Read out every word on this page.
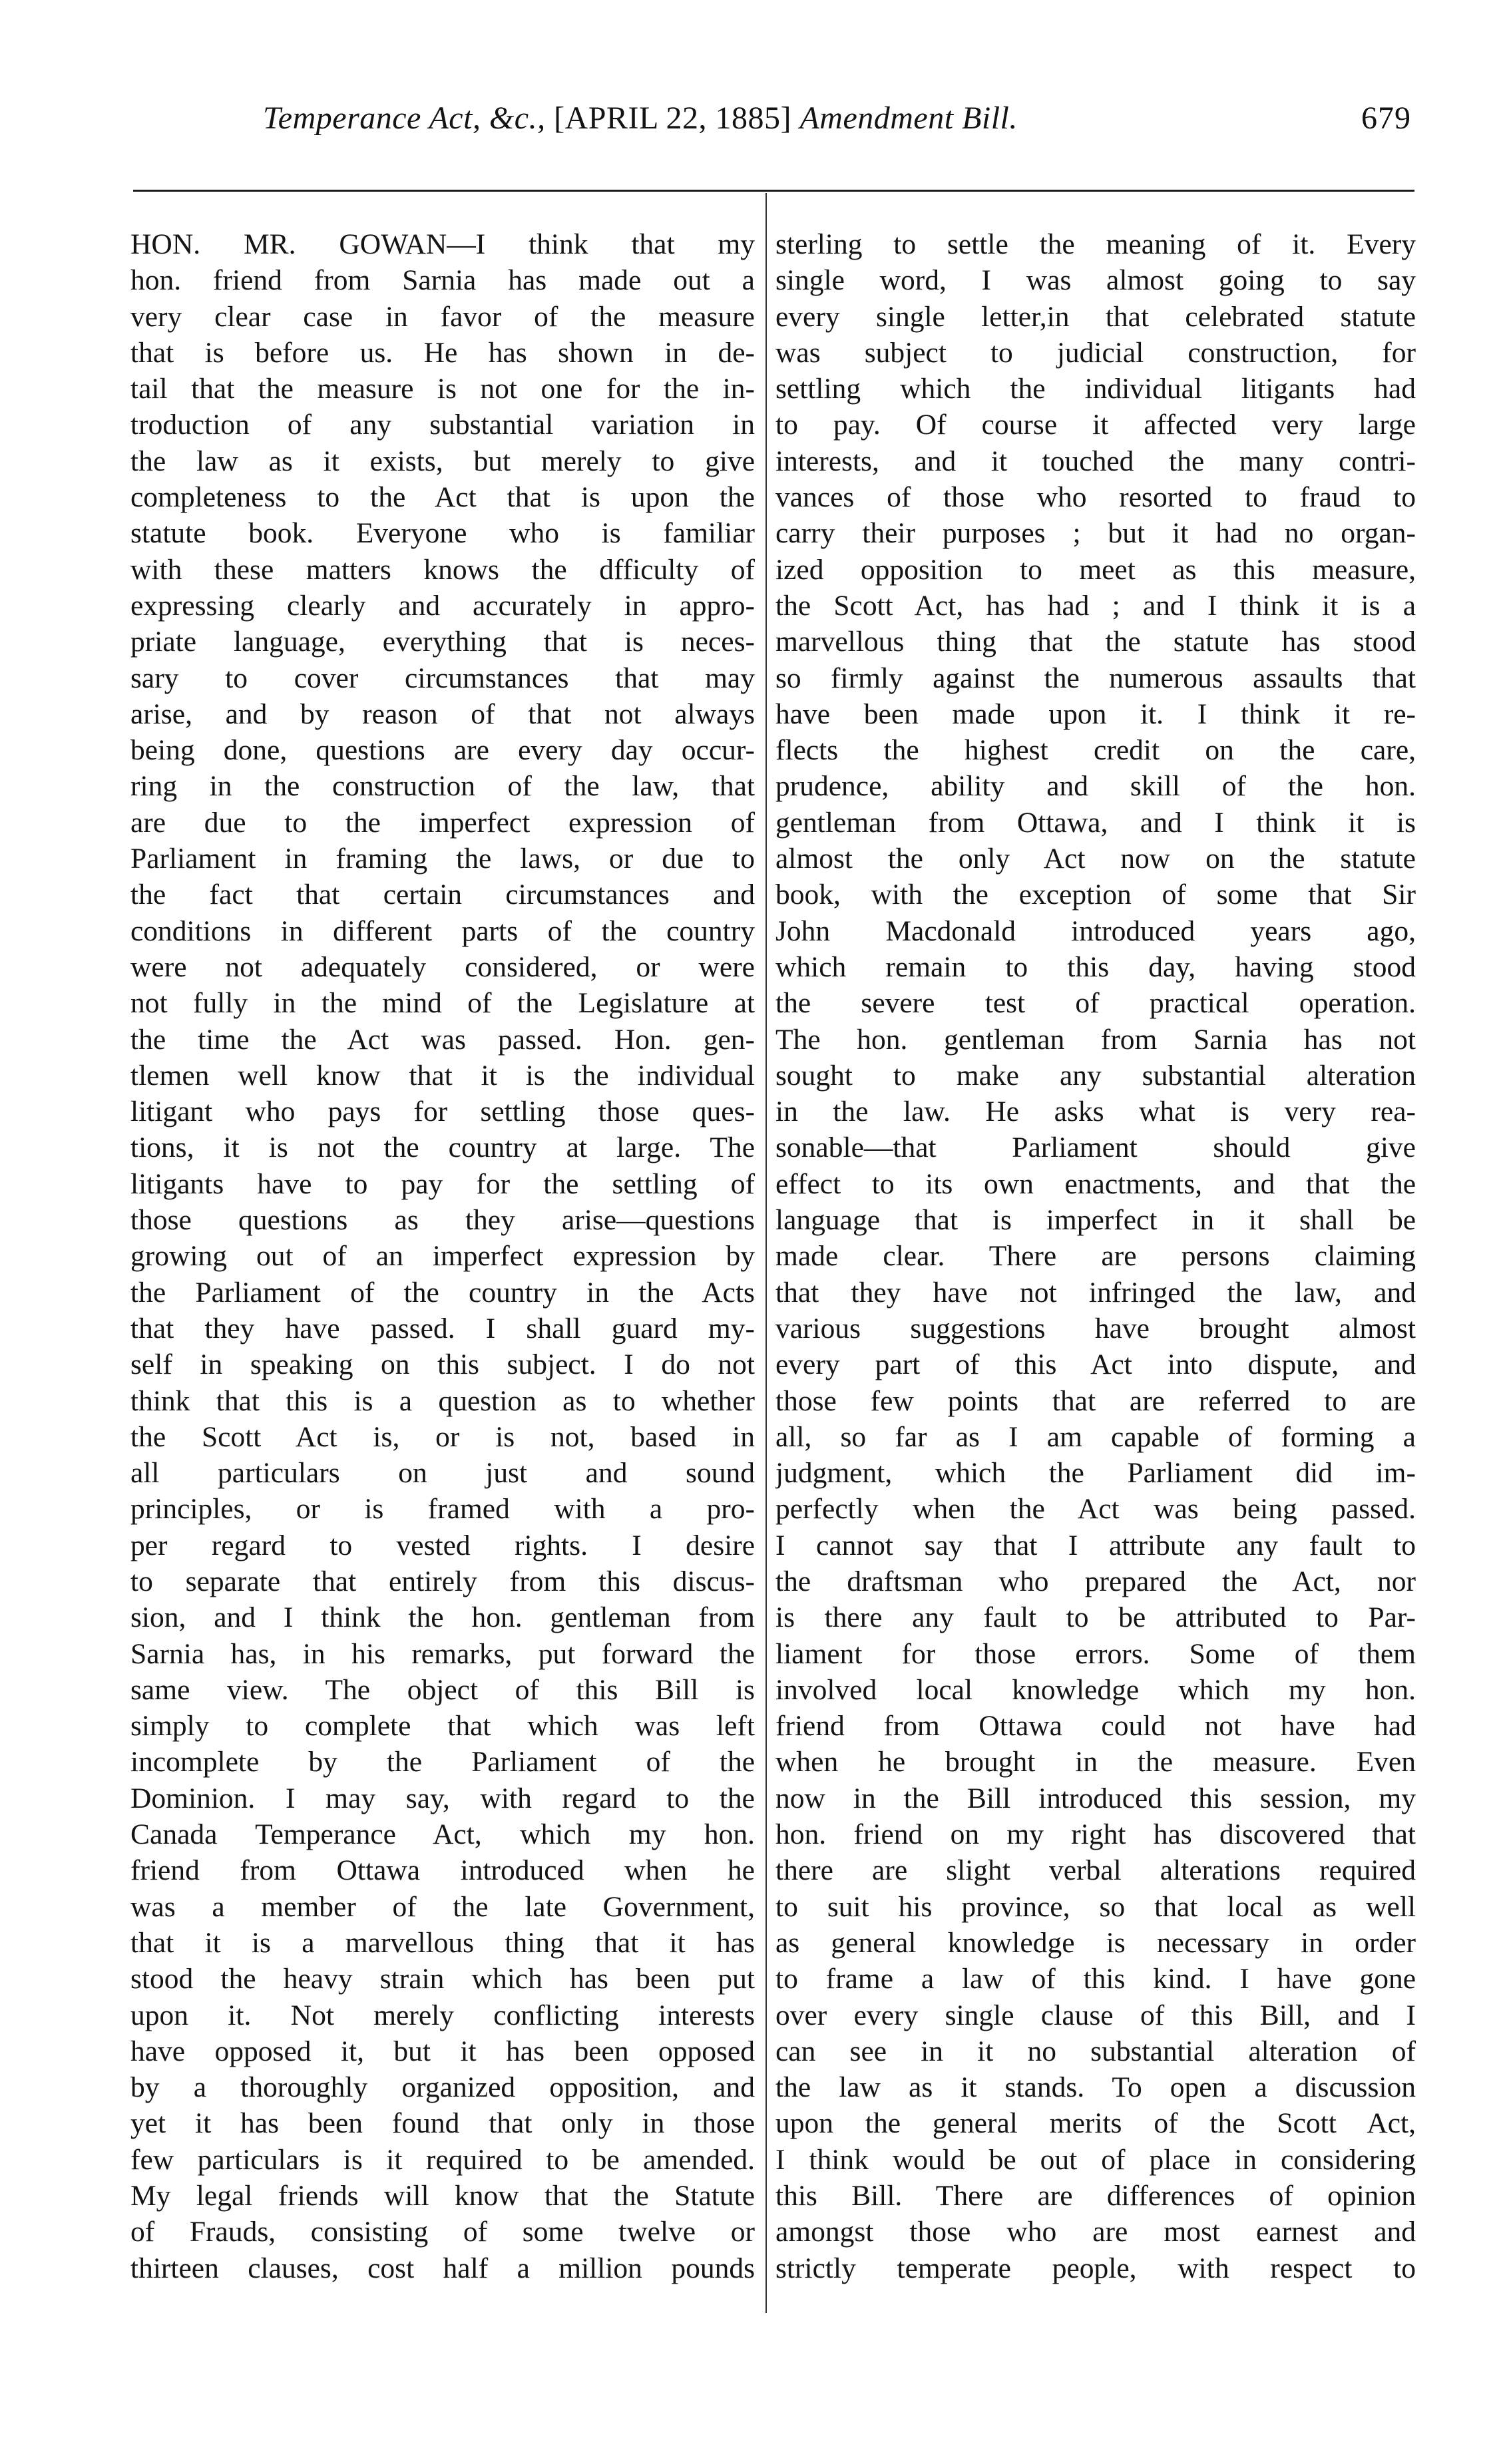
Temperance Act, &c., [APRIL 22, 1885] Amendment Bill.	679
HON. MR. GOWAN—I think that my
hon. friend from Sarnia has made out a
very clear case in favor of the measure
that is before us. He has shown in de-
tail that the measure is not one for the in-
troduction of any substantial variation in
the law as it exists, but merely to give
completeness to the Act that is upon the
statute book. Everyone who is familiar
with these matters knows the dfficulty of
expressing clearly and accurately in appro-
priate language, everything that is neces-
sary to cover circumstances that may
arise, and by reason of that not always
being done, questions are every day occur-
ring in the construction of the law, that
are due to the imperfect expression of
Parliament in framing the laws, or due to
the fact that certain circumstances and
conditions in different parts of the country
were not adequately considered, or were
not fully in the mind of the Legislature at
the time the Act was passed. Hon. gen-
tlemen well know that it is the individual
litigant who pays for settling those ques-
tions, it is not the country at large. The
litigants have to pay for the settling of
those questions as they arise—questions
growing out of an imperfect expression by
the Parliament of the country in the Acts
that they have passed. I shall guard my-
self in speaking on this subject. I do not
think that this is a question as to whether
the Scott Act is, or is not, based in
all particulars on just and sound
principles, or is framed with a pro-
per regard to vested rights. I desire
to separate that entirely from this discus-
sion, and I think the hon. gentleman from
Sarnia has, in his remarks, put forward the
same view. The object of this Bill is
simply to complete that which was left
incomplete by the Parliament of the
Dominion. I may say, with regard to the
Canada Temperance Act, which my hon.
friend from Ottawa introduced when he
was a member of the late Government,
that it is a marvellous thing that it has
stood the heavy strain which has been put
upon it. Not merely conflicting interests
have opposed it, but it has been opposed
by a thoroughly organized opposition, and
yet it has been found that only in those
few particulars is it required to be amended.
My legal friends will know that the Statute
of Frauds, consisting of some twelve or
thirteen clauses, cost half a million pounds
sterling to settle the meaning of it. Every
single word, I was almost going to say
every single letter,in that celebrated statute
was subject to judicial construction, for
settling which the individual litigants had
to pay. Of course it affected very large
interests, and it touched the many contri-
vances of those who resorted to fraud to
carry their purposes ; but it had no organ-
ized opposition to meet as this measure,
the Scott Act, has had ; and I think it is a
marvellous thing that the statute has stood
so firmly against the numerous assaults that
have been made upon it. I think it re-
flects the highest credit on the care,
prudence, ability and skill of the hon.
gentleman from Ottawa, and I think it is
almost the only Act now on the statute
book, with the exception of some that Sir
John Macdonald introduced years ago,
which remain to this day, having stood
the severe test of practical operation.
The hon. gentleman from Sarnia has not
sought to make any substantial alteration
in the law. He asks what is very rea-
sonable—that Parliament should give
effect to its own enactments, and that the
language that is imperfect in it shall be
made clear. There are persons claiming
that they have not infringed the law, and
various suggestions have brought almost
every part of this Act into dispute, and
those few points that are referred to are
all, so far as I am capable of forming a
judgment, which the Parliament did im-
perfectly when the Act was being passed.
I cannot say that I attribute any fault to
the draftsman who prepared the Act, nor
is there any fault to be attributed to Par-
liament for those errors. Some of them
involved local knowledge which my hon.
friend from Ottawa could not have had
when he brought in the measure. Even
now in the Bill introduced this session, my
hon. friend on my right has discovered that
there are slight verbal alterations required
to suit his province, so that local as well
as general knowledge is necessary in order
to frame a law of this kind. I have gone
over every single clause of this Bill, and I
can see in it no substantial alteration of
the law as it stands. To open a discussion
upon the general merits of the Scott Act,
I think would be out of place in considering
this Bill. There are differences of opinion
amongst those who are most earnest and
strictly temperate people, with respect to
